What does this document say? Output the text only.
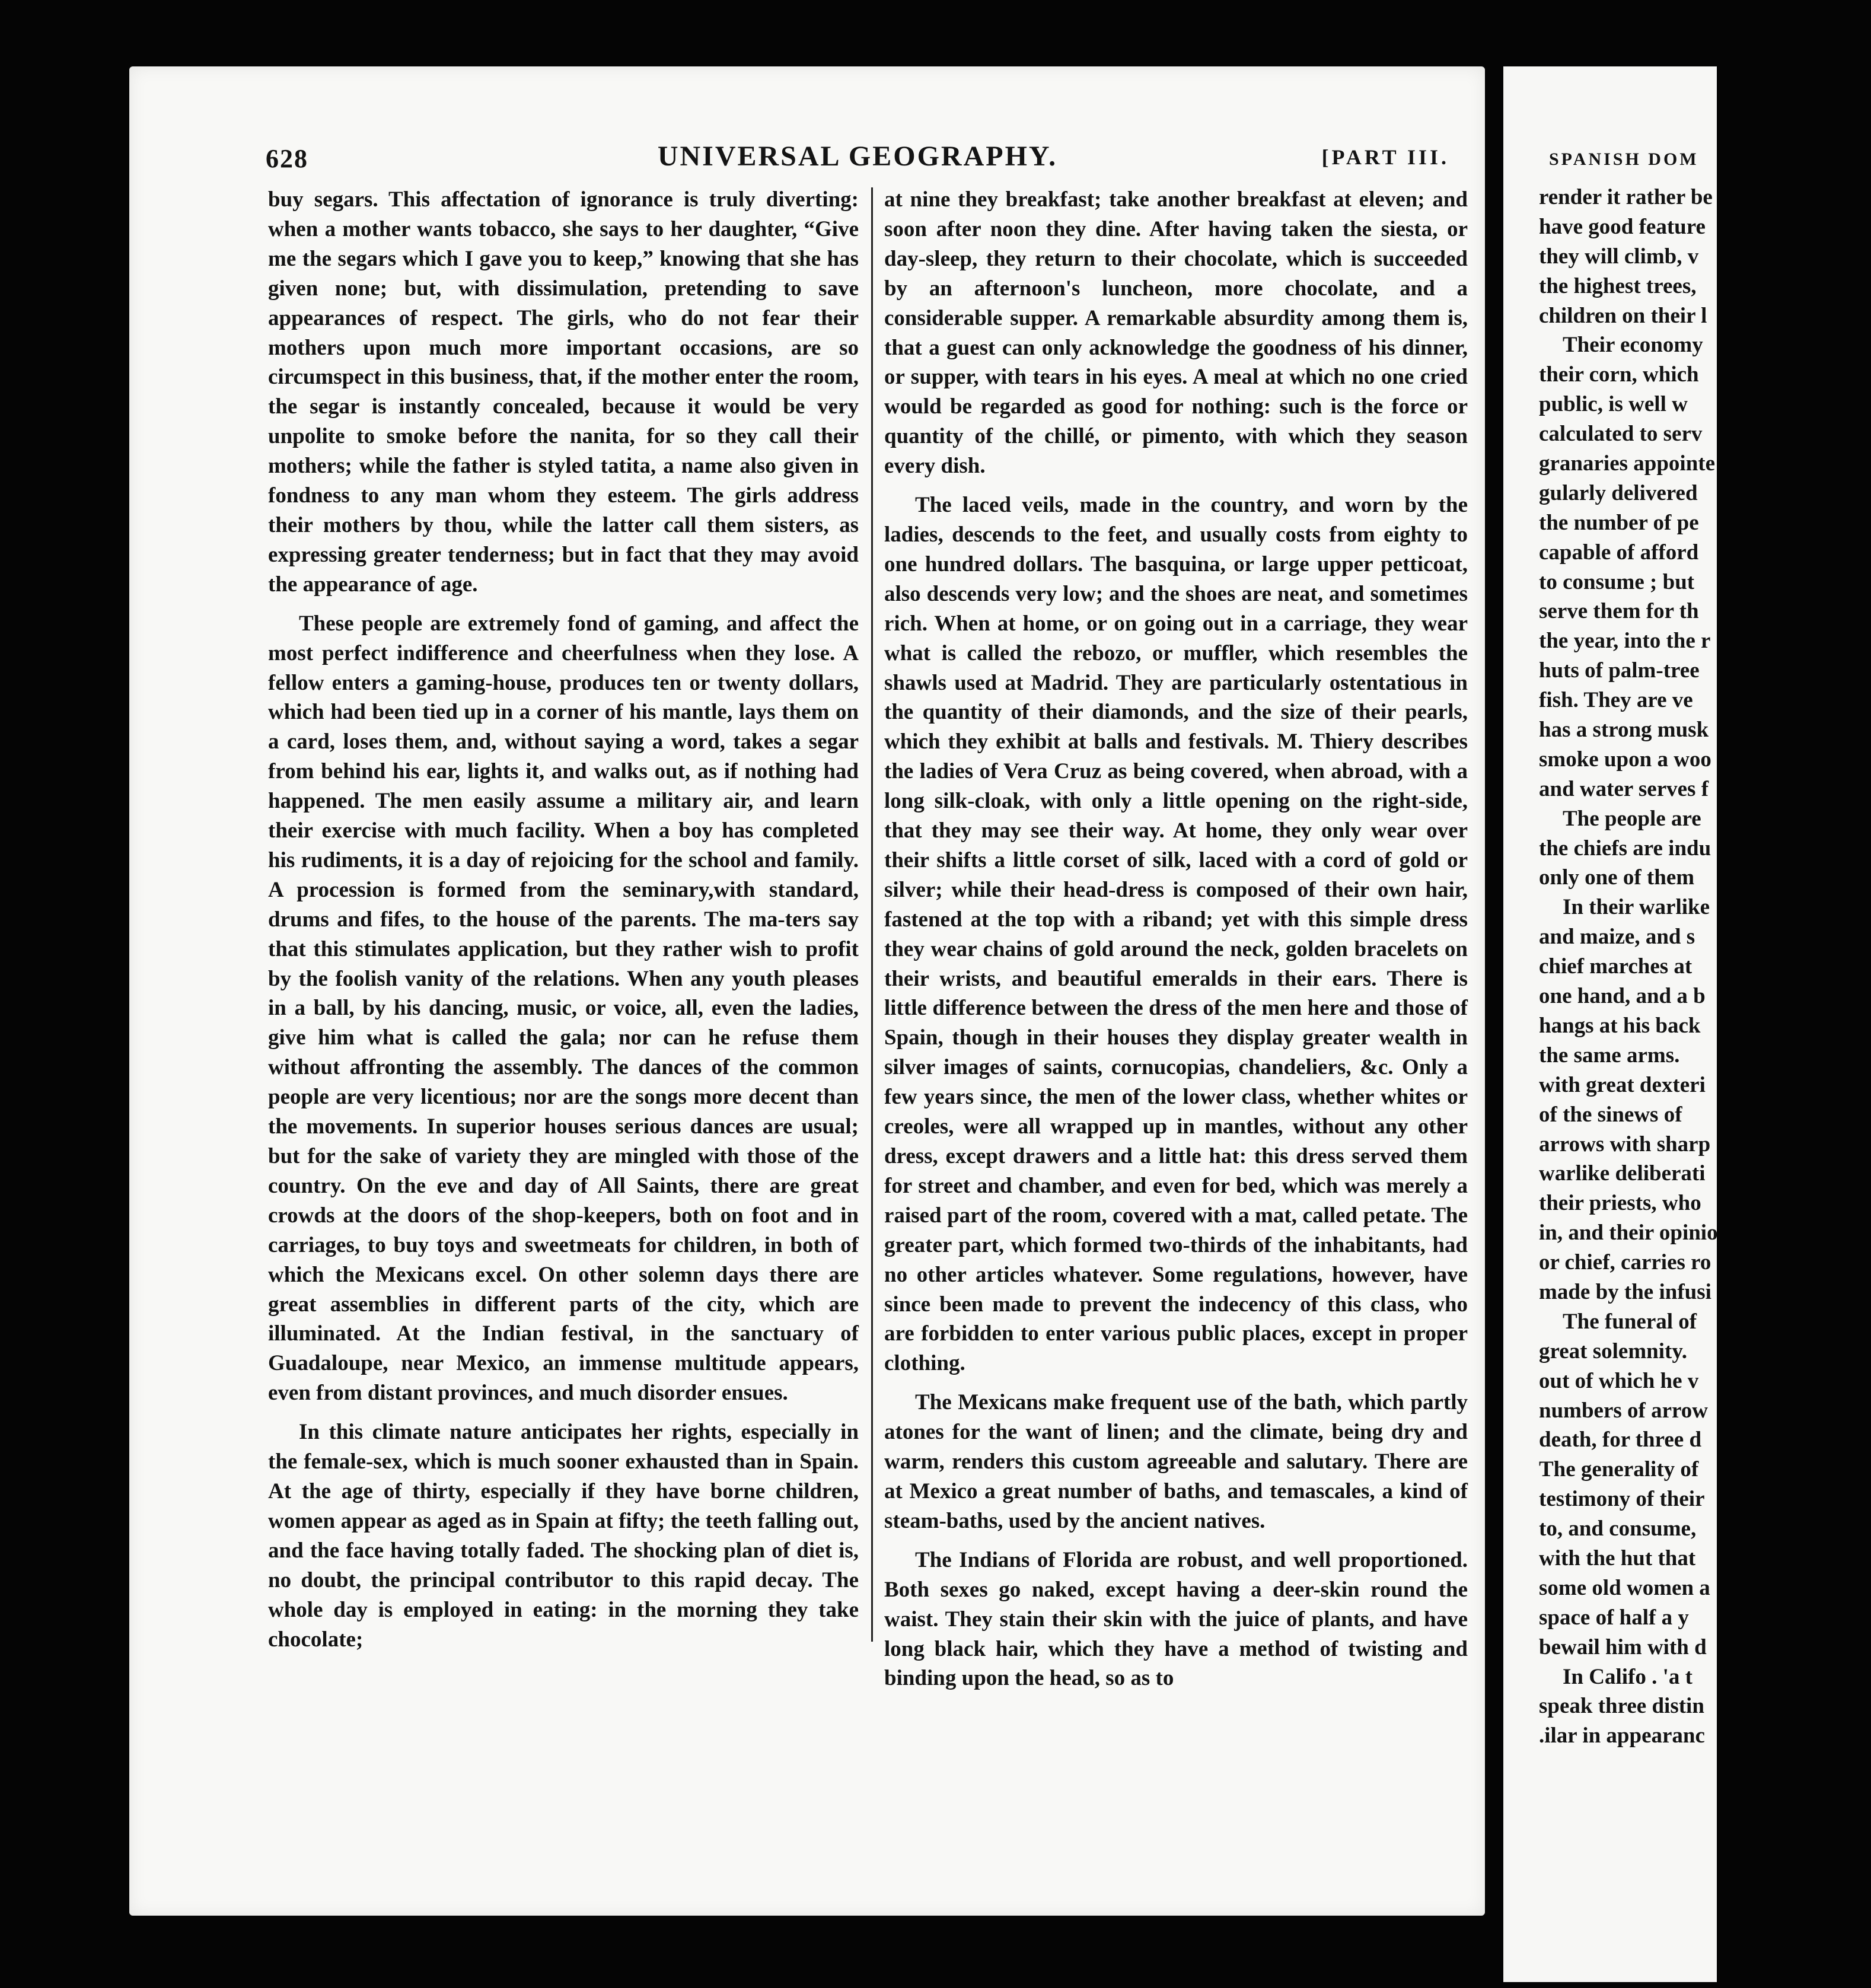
SPANISH DOM
render it rather be
have good feature
they will climb, v
the highest trees,
children on their l
Their economy
their corn, which
public, is well w
calculated to serv
granaries appointe
gularly delivered
the number of pe
capable of afford
to consume ; but
serve them for th
the year, into the r
huts of palm-tree
fish. They are ve
has a strong musk
smoke upon a woo
and water serves f
The people are
the chiefs are indu
only one of them
In their warlike
and maize, and s
chief marches at
one hand, and a b
hangs at his back
the same arms.
with great dexteri
of the sinews of
arrows with sharp
warlike deliberati
their priests, who
in, and their opinio
or chief, carries ro
made by the infusi
The funeral of
great solemnity.
out of which he v
numbers of arrow
death, for three d
The generality of
testimony of their
to, and consume,
with the hut that
some old women a
space of half a y
bewail him with d
In Califo . 'a t
speak three distin
.ilar in appearanc
628	UNIVERSAL GEOGRAPHY.	[PART III.

buy segars. This affectation of ignorance is truly diverting: when a mother wants tobacco, she says to her daughter, “Give me the segars which I gave you to keep,” knowing that she has given none; but, with dissimulation, pretending to save appearances of respect. The girls, who do not fear their mothers upon much more important occasions, are so circumspect in this business, that, if the mother enter the room, the segar is instantly concealed, because it would be very unpolite to smoke before the nanita, for so they call their mothers; while the father is styled tatita, a name also given in fondness to any man whom they esteem. The girls address their mothers by thou, while the latter call them sisters, as expressing greater tenderness; but in fact that they may avoid the appearance of age.

These people are extremely fond of gaming, and affect the most perfect indifference and cheerfulness when they lose. A fellow enters a gaming-house, produces ten or twenty dollars, which had been tied up in a corner of his mantle, lays them on a card, loses them, and, without saying a word, takes a segar from behind his ear, lights it, and walks out, as if nothing had happened. The men easily assume a military air, and learn their exercise with much facility. When a boy has completed his rudiments, it is a day of rejoicing for the school and family. A procession is formed from the seminary,with standard, drums and fifes, to the house of the parents. The ma-ters say that this stimulates application, but they rather wish to profit by the foolish vanity of the relations. When any youth pleases in a ball, by his dancing, music, or voice, all, even the ladies, give him what is called the gala; nor can he refuse them without affronting the assembly. The dances of the common people are very licentious; nor are the songs more decent than the movements. In superior houses serious dances are usual; but for the sake of variety they are mingled with those of the country. On the eve and day of All Saints, there are great crowds at the doors of the shop-keepers, both on foot and in carriages, to buy toys and sweetmeats for children, in both of which the Mexicans excel. On other solemn days there are great assemblies in different parts of the city, which are illuminated. At the Indian festival, in the sanctuary of Guadaloupe, near Mexico, an immense multitude appears, even from distant provinces, and much disorder ensues.

In this climate nature anticipates her rights, especially in the female-sex, which is much sooner exhausted than in Spain. At the age of thirty, especially if they have borne children, women appear as aged as in Spain at fifty; the teeth falling out, and the face having totally faded. The shocking plan of diet is, no doubt, the principal contributor to this rapid decay. The whole day is employed in eating: in the morning they take chocolate;

at nine they breakfast; take another breakfast at eleven; and soon after noon they dine. After having taken the siesta, or day-sleep, they return to their chocolate, which is succeeded by an afternoon's luncheon, more chocolate, and a considerable supper. A remarkable absurdity among them is, that a guest can only acknowledge the goodness of his dinner, or supper, with tears in his eyes. A meal at which no one cried would be regarded as good for nothing: such is the force or quantity of the chillé, or pimento, with which they season every dish.

The laced veils, made in the country, and worn by the ladies, descends to the feet, and usually costs from eighty to one hundred dollars. The basquina, or large upper petticoat, also descends very low; and the shoes are neat, and sometimes rich. When at home, or on going out in a carriage, they wear what is called the rebozo, or muffler, which resembles the shawls used at Madrid. They are particularly ostentatious in the quantity of their diamonds, and the size of their pearls, which they exhibit at balls and festivals. M. Thiery describes the ladies of Vera Cruz as being covered, when abroad, with a long silk-cloak, with only a little opening on the right-side, that they may see their way. At home, they only wear over their shifts a little corset of silk, laced with a cord of gold or silver; while their head-dress is composed of their own hair, fastened at the top with a riband; yet with this simple dress they wear chains of gold around the neck, golden bracelets on their wrists, and beautiful emeralds in their ears. There is little difference between the dress of the men here and those of Spain, though in their houses they display greater wealth in silver images of saints, cornucopias, chandeliers, &c. Only a few years since, the men of the lower class, whether whites or creoles, were all wrapped up in mantles, without any other dress, except drawers and a little hat: this dress served them for street and chamber, and even for bed, which was merely a raised part of the room, covered with a mat, called petate. The greater part, which formed two-thirds of the inhabitants, had no other articles whatever. Some regulations, however, have since been made to prevent the indecency of this class, who are forbidden to enter various public places, except in proper clothing.

The Mexicans make frequent use of the bath, which partly atones for the want of linen; and the climate, being dry and warm, renders this custom agreeable and salutary. There are at Mexico a great number of baths, and temascales, a kind of steam-baths, used by the ancient natives.

The Indians of Florida are robust, and well proportioned. Both sexes go naked, except having a deer-skin round the waist. They stain their skin with the juice of plants, and have long black hair, which they have a method of twisting and binding upon the head, so as to
